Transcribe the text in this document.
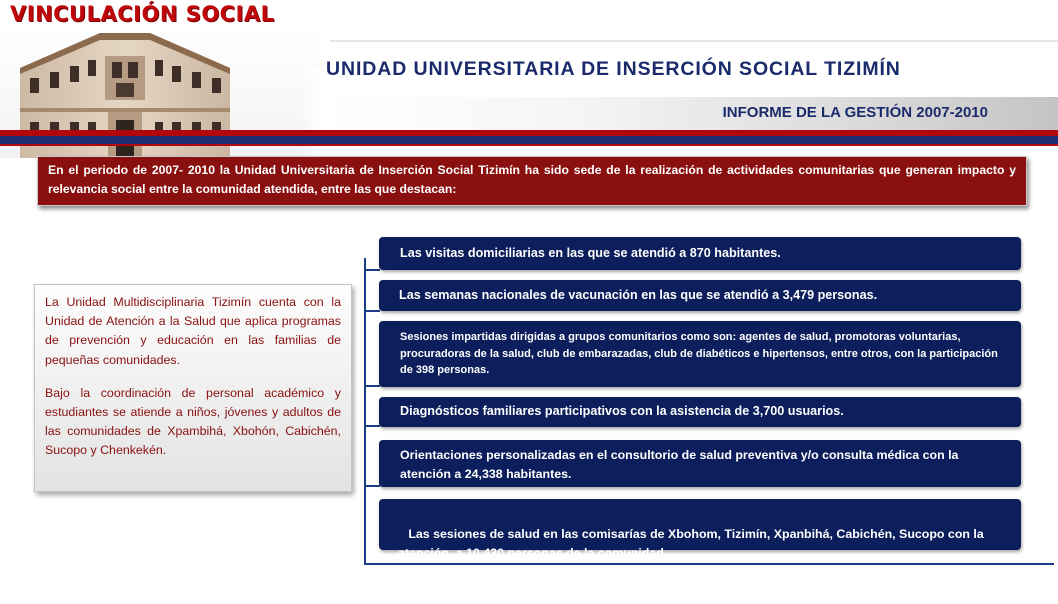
VINCULACIÓN SOCIAL
UNIDAD UNIVERSITARIA DE INSERCIÓN SOCIAL TIZIMÍN
INFORME DE LA GESTIÓN 2007-2010
En el periodo de 2007- 2010 la Unidad Universitaria de Inserción Social Tizimín ha sido sede de la realización de actividades comunitarias que generan impacto y relevancia social entre la comunidad atendida, entre las que destacan:

La Unidad Multidisciplinaria Tizimín cuenta con la Unidad de Atención a la Salud que aplica programas de prevención y educación en las familias de pequeñas comunidades.

Bajo la coordinación de personal académico y estudiantes se atiende a niños, jóvenes y adultos de las comunidades de Xpambihá, Xbohón, Cabichén, Sucopo y Chenkekén.

Las visitas domiciliarias en las que se atendió a 870 habitantes.
Las semanas nacionales de vacunación en las que se atendió a 3,479 personas.
Sesiones impartidas dirigidas a grupos comunitarios como son: agentes de salud, promotoras voluntarias, procuradoras de la salud, club de embarazadas, club de diabéticos e hipertensos, entre otros, con la participación de 398 personas.
Diagnósticos familiares participativos con la asistencia de 3,700 usuarios.
Orientaciones personalizadas en el consultorio de salud preventiva y/o consulta médica con la atención a 24,338 habitantes.

Las sesiones de salud en las comisarías de Xbohom, Tizimín, Xpanbihá, Cabichén, Sucopo con la atención  a 10,430 personas de la comunidad.
